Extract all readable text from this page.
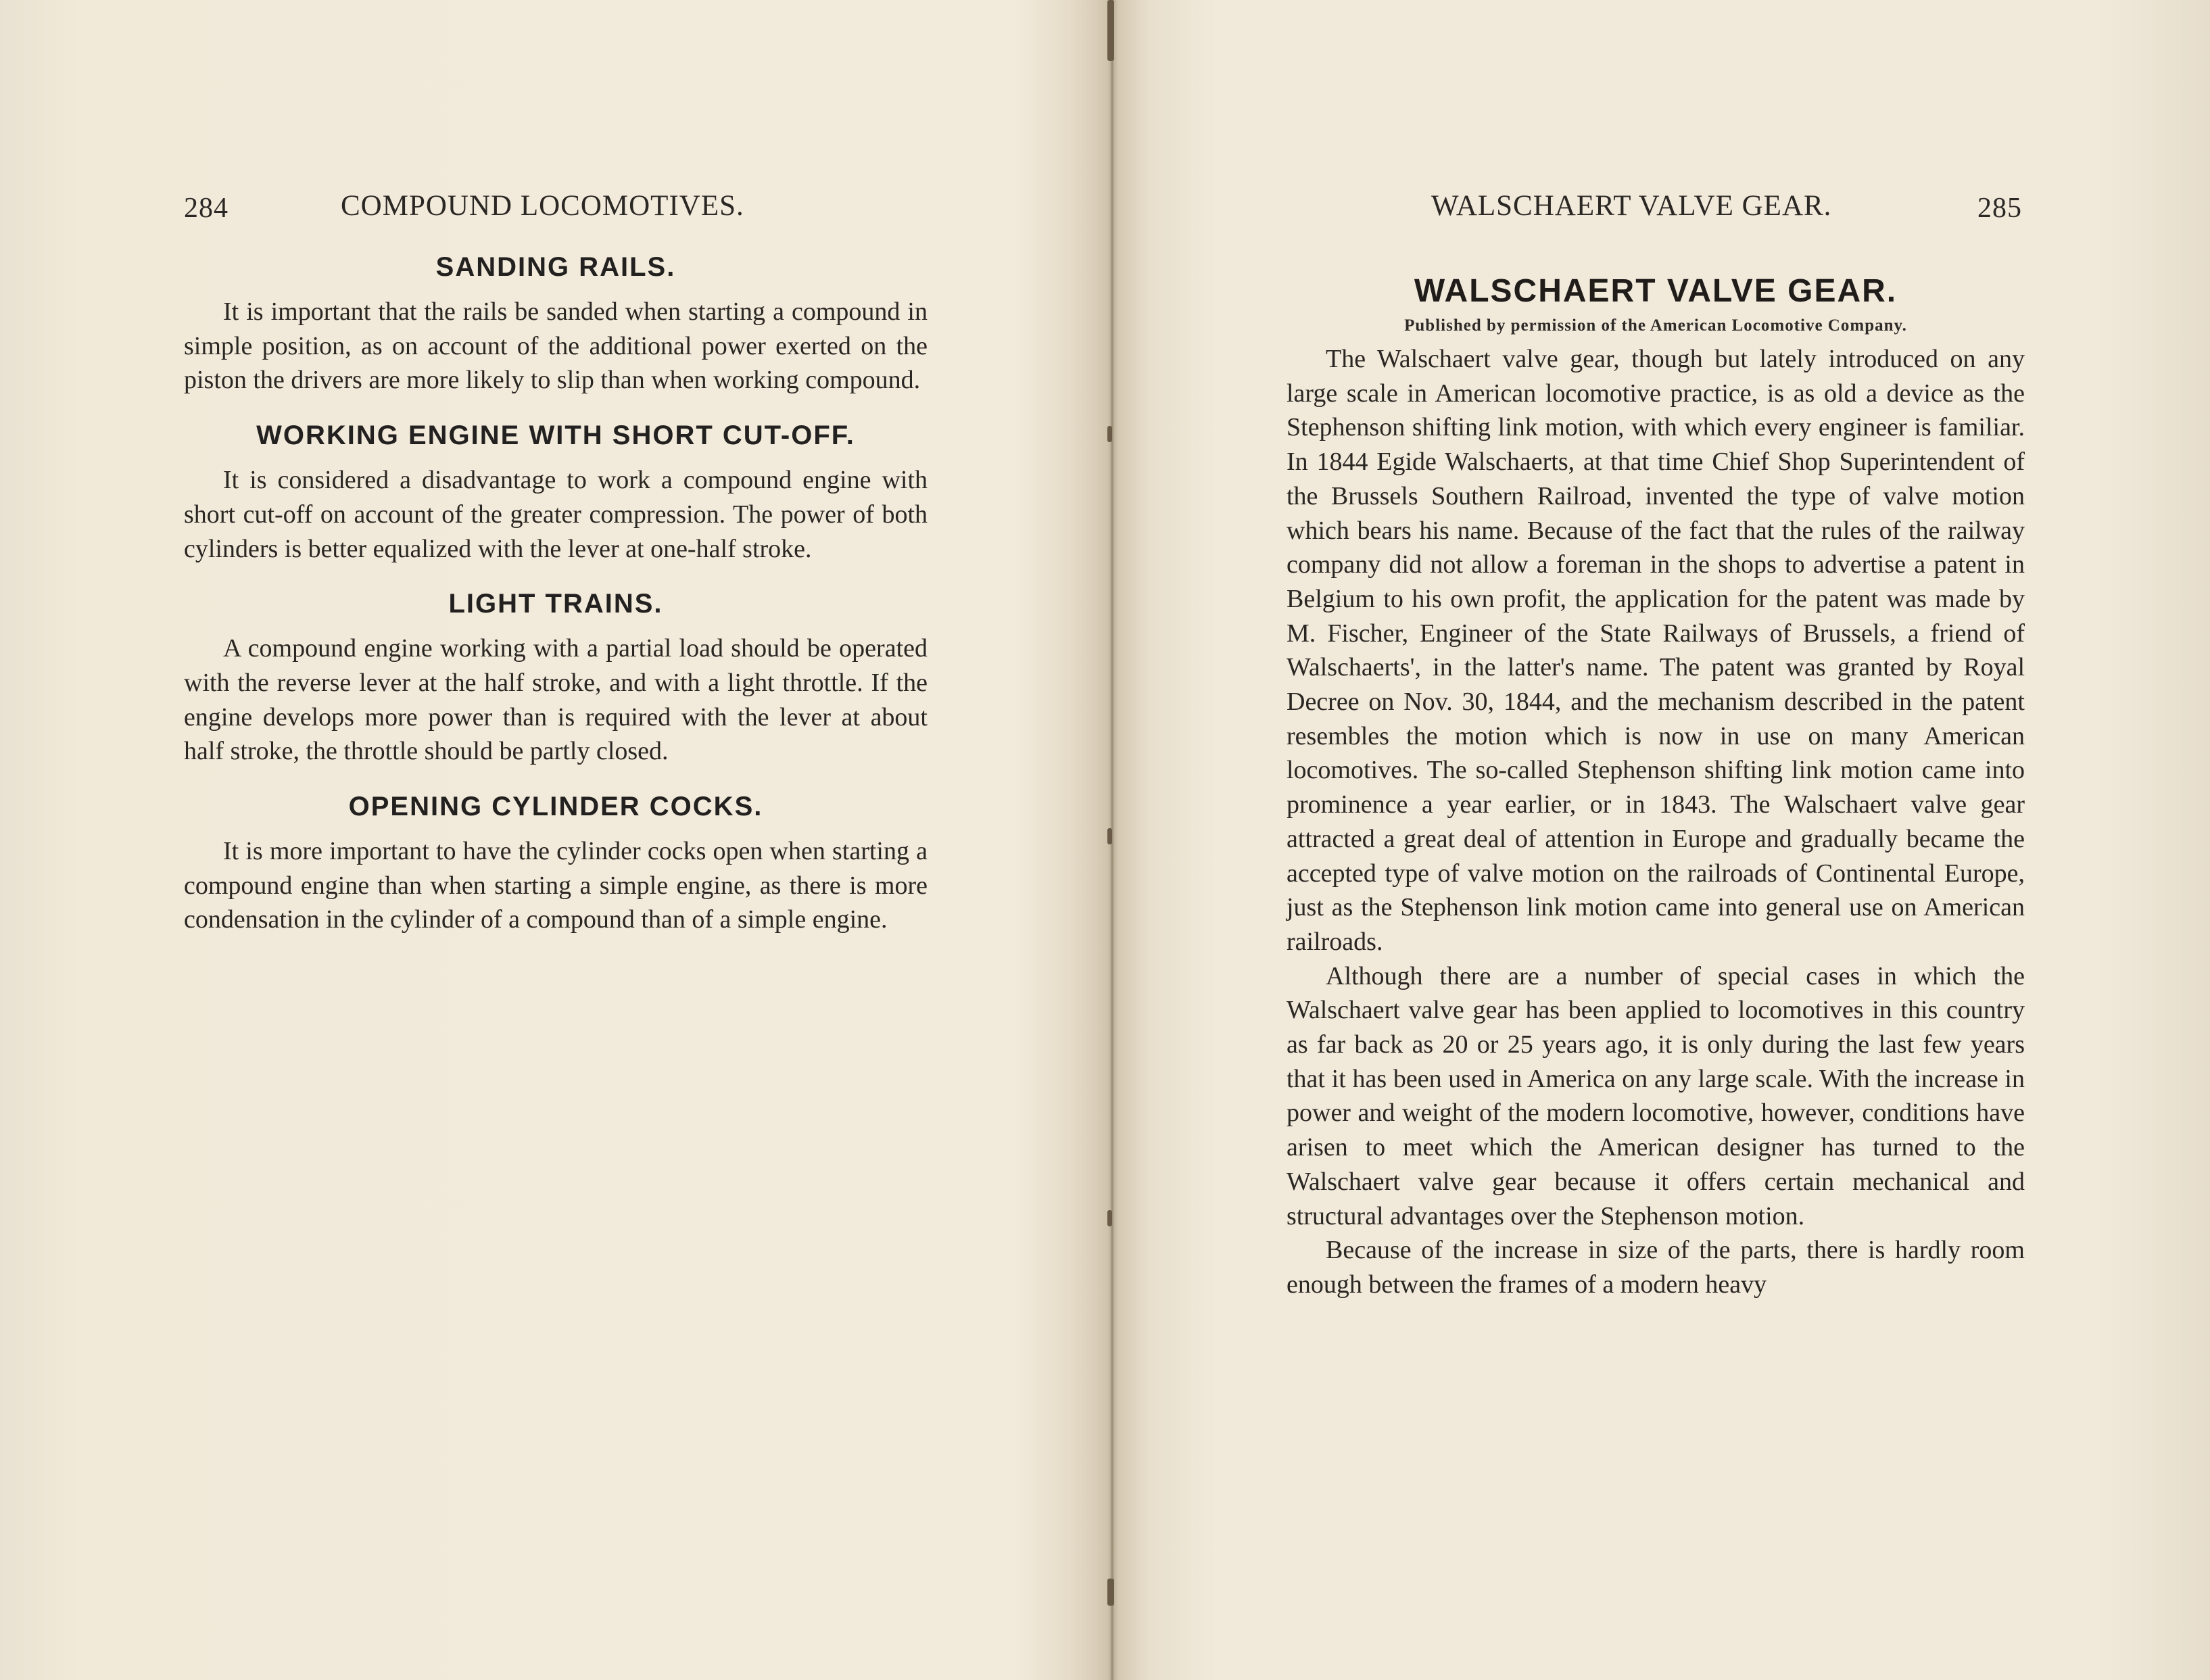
284	COMPOUND LOCOMOTIVES.
SANDING RAILS.

It is important that the rails be sanded when starting a compound in simple position, as on account of the additional power exerted on the piston the drivers are more likely to slip than when working compound.

WORKING ENGINE WITH SHORT CUT-OFF.

It is considered a disadvantage to work a compound engine with short cut-off on account of the greater compression. The power of both cylinders is better equalized with the lever at one-half stroke.

LIGHT TRAINS.

A compound engine working with a partial load should be operated with the reverse lever at the half stroke, and with a light throttle. If the engine develops more power than is required with the lever at about half stroke, the throttle should be partly closed.

OPENING CYLINDER COCKS.

It is more important to have the cylinder cocks open when starting a compound engine than when starting a simple engine, as there is more condensation in the cylinder of a compound than of a simple engine.

WALSCHAERT VALVE GEAR.	285
WALSCHAERT VALVE GEAR.

Published by permission of the American Locomotive Company.

The Walschaert valve gear, though but lately introduced on any large scale in American locomotive practice, is as old a device as the Stephenson shifting link motion, with which every engineer is familiar. In 1844 Egide Walschaerts, at that time Chief Shop Superintendent of the Brussels Southern Railroad, invented the type of valve motion which bears his name. Because of the fact that the rules of the railway company did not allow a foreman in the shops to advertise a patent in Belgium to his own profit, the application for the patent was made by M. Fischer, Engineer of the State Railways of Brussels, a friend of Walschaerts', in the latter's name. The patent was granted by Royal Decree on Nov. 30, 1844, and the mechanism described in the patent resembles the motion which is now in use on many American locomotives. The so-called Stephenson shifting link motion came into prominence a year earlier, or in 1843. The Walschaert valve gear attracted a great deal of attention in Europe and gradually became the accepted type of valve motion on the railroads of Continental Europe, just as the Stephenson link motion came into general use on American railroads.

Although there are a number of special cases in which the Walschaert valve gear has been applied to locomotives in this country as far back as 20 or 25 years ago, it is only during the last few years that it has been used in America on any large scale. With the increase in power and weight of the modern locomotive, however, conditions have arisen to meet which the American designer has turned to the Walschaert valve gear because it offers certain mechanical and structural advantages over the Stephenson motion.

Because of the increase in size of the parts, there is hardly room enough between the frames of a modern heavy
